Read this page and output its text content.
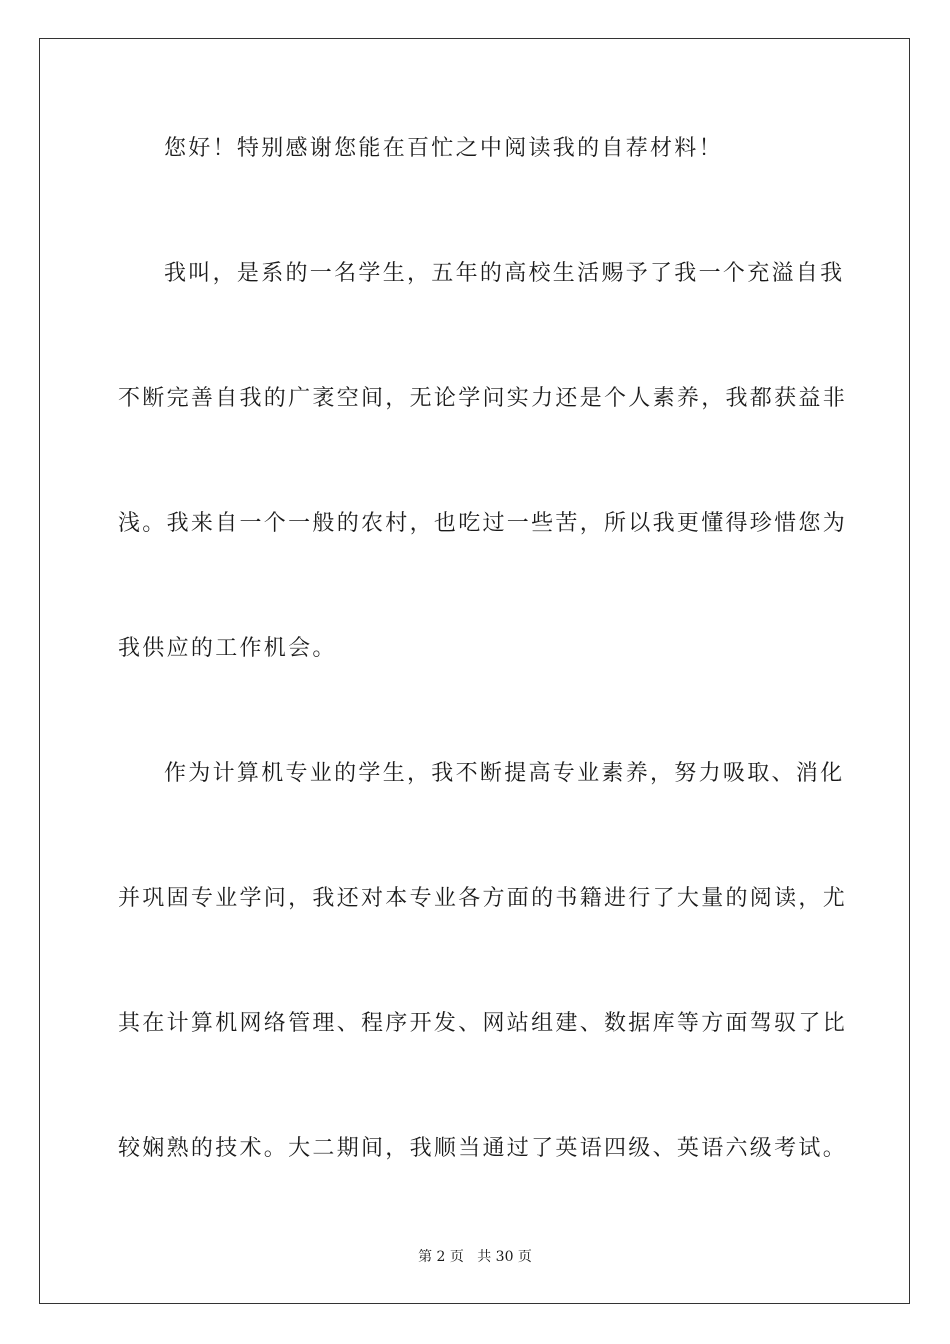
您好！特别感谢您能在百忙之中阅读我的自荐材料！
我叫，是系的一名学生，五年的高校生活赐予了我一个充溢自我
不断完善自我的广袤空间，无论学问实力还是个人素养，我都获益非
浅。我来自一个一般的农村，也吃过一些苦，所以我更懂得珍惜您为
我供应的工作机会。
作为计算机专业的学生，我不断提高专业素养，努力吸取、消化
并巩固专业学问，我还对本专业各方面的书籍进行了大量的阅读，尤
其在计算机网络管理、程序开发、网站组建、数据库等方面驾驭了比
较娴熟的技术。大二期间，我顺当通过了英语四级、英语六级考试。
第 2 页   共 30 页
